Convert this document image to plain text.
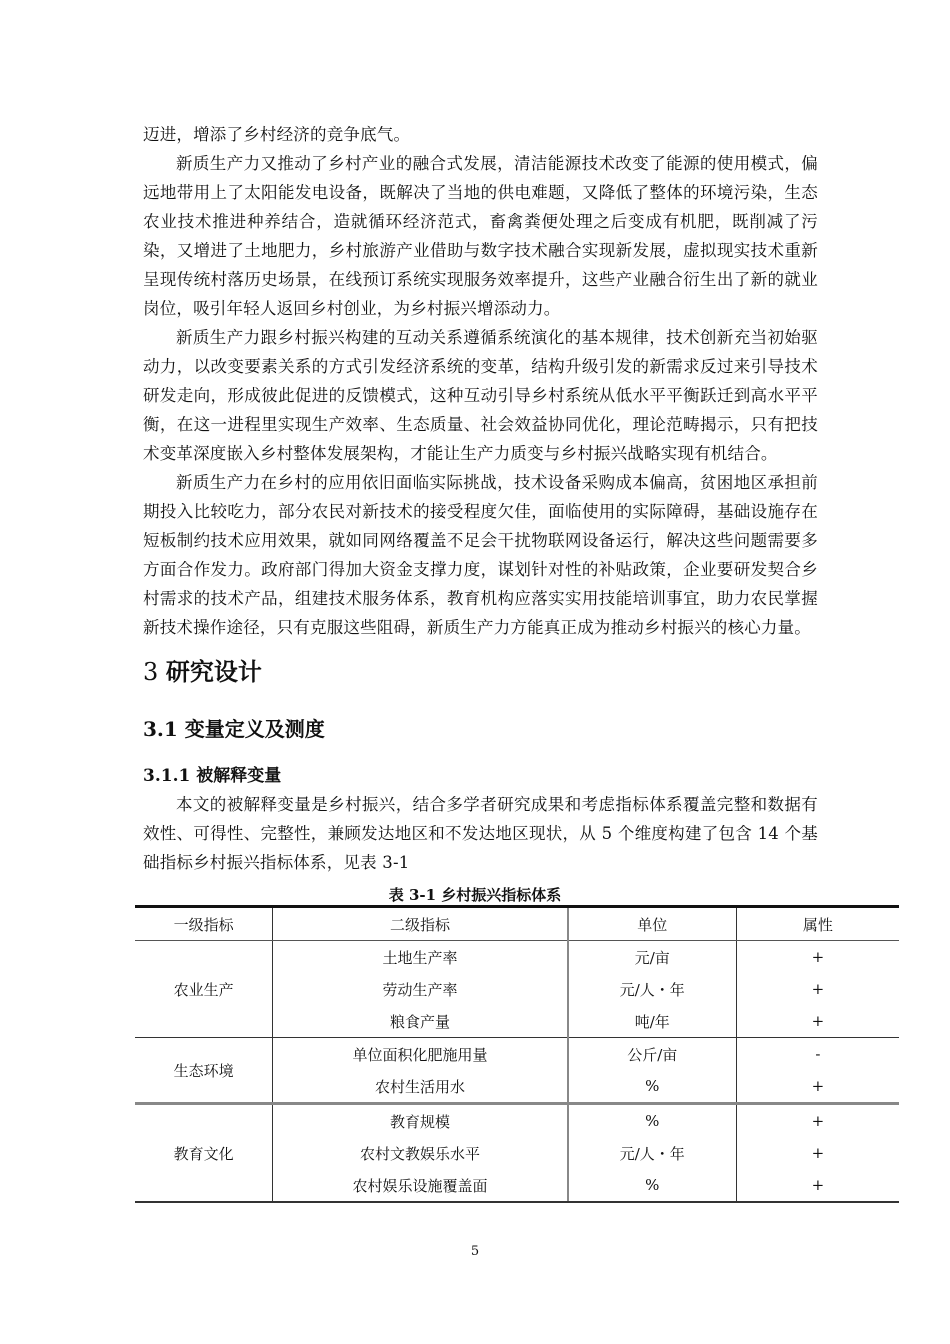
迈进，增添了乡村经济的竞争底气。

新质生产力又推动了乡村产业的融合式发展，清洁能源技术改变了能源的使用模式，偏远地带用上了太阳能发电设备，既解决了当地的供电难题，又降低了整体的环境污染，生态农业技术推进种养结合，造就循环经济范式，畜禽粪便处理之后变成有机肥，既削减了污染，又增进了土地肥力，乡村旅游产业借助与数字技术融合实现新发展，虚拟现实技术重新呈现传统村落历史场景，在线预订系统实现服务效率提升，这些产业融合衍生出了新的就业岗位，吸引年轻人返回乡村创业，为乡村振兴增添动力。

新质生产力跟乡村振兴构建的互动关系遵循系统演化的基本规律，技术创新充当初始驱动力，以改变要素关系的方式引发经济系统的变革，结构升级引发的新需求反过来引导技术研发走向，形成彼此促进的反馈模式，这种互动引导乡村系统从低水平平衡跃迁到高水平平衡，在这一进程里实现生产效率、生态质量、社会效益协同优化，理论范畴揭示，只有把技术变革深度嵌入乡村整体发展架构，才能让生产力质变与乡村振兴战略实现有机结合。

新质生产力在乡村的应用依旧面临实际挑战，技术设备采购成本偏高，贫困地区承担前期投入比较吃力，部分农民对新技术的接受程度欠佳，面临使用的实际障碍，基础设施存在短板制约技术应用效果，就如同网络覆盖不足会干扰物联网设备运行，解决这些问题需要多方面合作发力。政府部门得加大资金支撑力度，谋划针对性的补贴政策，企业要研发契合乡村需求的技术产品，组建技术服务体系，教育机构应落实实用技能培训事宜，助力农民掌握新技术操作途径，只有克服这些阻碍，新质生产力方能真正成为推动乡村振兴的核心力量。

3 研究设计
3.1 变量定义及测度
3.1.1 被解释变量

本文的被解释变量是乡村振兴，结合多学者研究成果和考虑指标体系覆盖完整和数据有效性、可得性、完整性，兼顾发达地区和不发达地区现状，从 5 个维度构建了包含 14 个基础指标乡村振兴指标体系，见表 3-1

表 3-1 乡村振兴指标体系
一级指标	二级指标	单位	属性
农业生产	土地生产率	元/亩	+
	劳动生产率	元/人・年	+
	粮食产量	吨/年	+
生态环境	单位面积化肥施用量	公斤/亩	-
	农村生活用水	%	+
教育文化	教育规模	%	+
	农村文教娱乐水平	元/人・年	+
	农村娱乐设施覆盖面	%	+
5
